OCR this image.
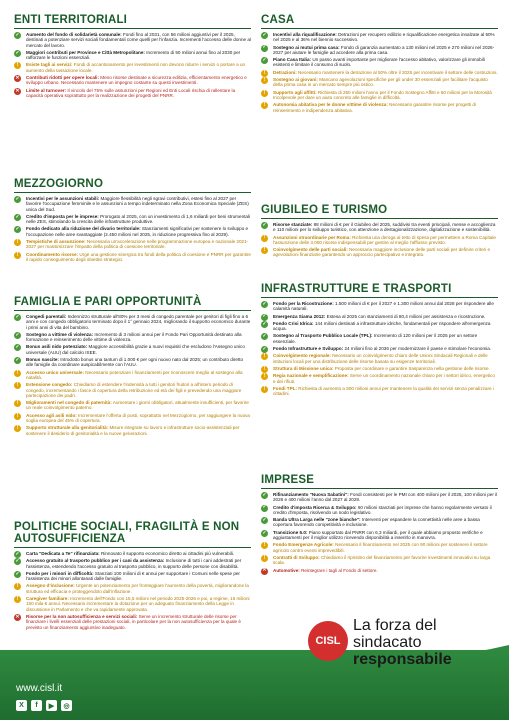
ENTI TERRITORIALI
✓	Aumento del fondo di solidarietà comunale: Fondi fino al 2031, con 56 milioni aggiuntivi per il 2025, destinati a potenziare servizi sociali fondamentali come quelli per l'infanzia. Incrementi l'accesso delle donne al mercato del lavoro.
✓	Maggiori contributi per Province e Città Metropolitane: Incremento di 50 milioni annui fino al 2030 per rafforzare le funzioni essenziali.
!	Esiste tagli ai servizi: Fondi di accantonamento per investimenti non devono ridurre i servizi o portare a un aumento della tassazione locale.
✕	Contributi ridotti per opere locali: Meno risorse destinate a sicurezza edilizia, efficientamento energetico e sviluppo urbano. Necessario mantenere un impegno costante su questi investimenti.
✕	Limite al turnover: Il vincolo del 75% sulle assunzioni per Regioni ed Enti Locali rischia di rallentare la capacità operativa soprattutto per la realizzazione dei progetti del PNRR.
MEZZOGIORNO
✓	Incentivi per le assunzioni stabili: Maggiore flessibilità negli sgravi contributivi, estesi fino al 2027 per favorire l'occupazione femminile e le assunzioni a tempo indeterminato nella Zona Economica Speciale (ZES) unica del Sud.
✓	Credito d'imposta per le imprese: Prorogato al 2025, con un investimento di 1,6 miliardi per beni strumentali nelle ZES, stimolando la crescita delle infrastrutture produttive.
✓	Fondo dedicato alla riduzione del divario territoriale: Stanziamenti significativi per sostenere lo sviluppo e l'occupazione nelle aree svantaggiate (2.450 milioni nel 2025, in riduzione progressiva fino al 2029).
!	Tempistiche di assunzione: Necessaria un'accelerazione nelle programmazione europea e nazionale 2021-2027 per massimizzare l'impatto della politica di coesione territoriale.
!	Coordinamento risorse: Urge una gestione sinergica tra fondi della politica di coesione e PNRR per garantire il rapido conseguimento degli obiettivi strategici.
FAMIGLIA E PARI OPPORTUNITÀ
✓	Congedi parentali: Indennizzo strutturale all'80% per 3 mesi di congedo parentale per genitori di figli fino a 6 anni e con congedo obbligatorio terminato dopo il 1° gennaio 2024, migliorando il supporto economico durante i primi anni di vita del bambino.
✓	Sostegno a vittime di violenza: Incremento di 3 milioni annui per il Fondo Pari Opportunità destinato alla formazione e reinserimento delle vittime di violenza.
✓	Bonus asili nido potenziato: Maggiore accessibilità grazie a nuovi requisiti che escludono l'Assegno unico universale (AUU) dal calcolo ISEE.
✓	Bonus nascite: Introdotto bonus una tantum di 1.000 € per ogni nuovo nato dal 2025; un contributo diretto alle famiglie da coordinare auspicabilmente con l'AUU.
!	Accesso unico universale: Necessario potenziare i finanziamenti per riconoscere meglio al sostegno alla natalità.
!	Estensione congedo: Chiediamo di estendere l'indennità a tutti i genitori fruitori a all'intero periodo di congedo, incrementando i fasce di copertura della retribuzione ed età dei figli e prevedendo una maggiore partecipazione dei padri.
!	Miglioramenti nel congedo di paternità: Aumentare i giorni obbligatori, attualmente insufficienti, per favorire un reale coinvolgimento paterno.
!	Accesso agli asili nido: Incrementare l'offerta di posti, soprattutto nel Mezzogiorno, per raggiungere la nuova soglia europea del 45% di copertura.
!	Supporto strutturale alla genitorialità: Misure integrate su lavoro e infrastrutture socio-assistenziali per sostenere il desiderio di genitorialità e la nuove generazioni.
POLITICHE SOCIALI, FRAGILITÀ E NON AUTOSUFFICIENZA
✓	Carta "Dedicata a Te" rifinanziata: Rinnovato il supporto economico diretto ai cittadini più vulnerabili.
✓	Accesso gratuito al trasporto pubblico per i cani da assistenza: Inclusione di tutti i cani addestrati per l'assistenza, estendendo l'accesso gratuito al trasporto pubblico, in supporto delle persone con disabilità.
✓	Fondo per i minori in difficoltà: Stanziati 100 milioni di € annui per supportare i Comuni nelle spese per l'assistenza dei minori allontanati dalle famiglie.
!	Assegno d'inclusione: Urgente un potenziamento per fronteggiare l'aumento della povertà, migliorandone la struttura ed efficacia e proteggendolo dall'inflazione.
!	Caregiver familiare: Incremento dell'Fondo con 15,5 milioni nel periodo 2025-2026 e poi, a regime, 16 milioni 150 mila € annui. Necessario incrementare la dotazione per un adeguato finanziamento della Legge in discussione in Parlamento e che va rapidamente approvata.
✕	Risorse per la non autosufficienza e servizi sociali: Serve un incremento strutturale delle risorse per finanziare i livelli essenziali delle prestazioni sociali, in particolare per la non autosufficienza per la quale è previsto un finanziamento aggiuntivo inadeguato.
CASA
✓	Incentivi alla riqualificazione: Detrazioni per recupero edilizio e riqualificazione energetica innalzate al 50% nel 2025 e al 36% nel biennio successivo.
✓	Sostegno ai mutui prima casa: Fondo di garanzia aumentato a 130 milioni nel 2025 e 270 milioni nel 2026-2027 per aiutare le famiglie ad accedere alla prima casa.
✓	Piano Casa Italia: Un passo avanti importante per migliorare l'accesso abitativo, valorizzare gli immobili esistenti e limitare il consumo di suolo.
!	Detrazioni: Necessario mantenere la detrazione al 50% oltre il 2025 per incentivare il settore delle costruzioni.
!	Sostegno ai giovani: Mancano agevolazioni specifiche per gli under 30 essenziali per facilitare l'acquisto della prima casa in un mercato sempre più ostico.
!	Supporto agli affitti: Richiesta di 250 milioni l'anno per il Fondo Sostegno Affitti e 50 milioni per la Morosità Incolpevole per dare un aiuto concreto alle famiglie in difficoltà.
!	Autonomia abitativa per le donne vittime di violenza: Necessario garantire risorse per progetti di reinserimento e indipendenza abitativa.
GIUBILEO E TURISMO
✓	Risorse stanziate: 88 milioni di € per il Giubileo del 2025, suddivisi tra eventi principali, mense e accoglienza e 110 milioni per lo sviluppo turistico, con attenzione a destagionalizzazione, digitalizzazione e sostenibilità.
!	Assunzioni straordinarie per Roma: Richiesta una deroga al tetto di spesa per permettere a Roma Capitale l'assunzione delle 3.000 risorse indispensabili per gestire al meglio l'afflusso previsto.
!	Coinvolgimento delle parti sociali: Necessaria maggiore inclusione delle parti sociali per definire criteri e agevolazioni finanziarie garantendo un approccio partecipativo e integrato.
INFRASTRUTTURE E TRASPORTI
✓	Fondo per la Ricostruzione: 1.500 milioni di € per il 2027 e 1.300 milioni annui dal 2028 per rispondere alle calamità naturali.
✓	Emergenza Siama 2012: Estesa al 2025 con stanziamenti di 80,4 milioni per assistenza e ricostruzione.
✓	Fondo Crisi Idrica: 144 milioni destinati a infrastrutture idriche, fondamentali per rispondere all'emergenza acqua.
✓	Sostegno al Trasporto Pubblico Locale (TPL): Incremento di 120 milioni per il 2025 per un settore essenziale.
✓	Fondo Infrastrutture e Sviluppo: 24 milioni fino al 2036 per modernizzare il paese e stimolare l'economia.
!	Coinvolgimento regionale: Necessario un coinvolgimento chiaro delle Unioni Sindacali Regionali e delle istituzioni locali per una distribuzione delle risorse basata su esigenze territoriali.
!	Struttura di Missione unica: Proposta per coordinare e garantire trasparenza nella gestione delle risorse.
!	Regia nazionale e semplificazione: Serve un coordinamento nazionale chiaro per i settori idrico, energetico e dei rifiuti.
!	Fondi TPL: Richiesta di aumento a 800 milioni annui per mantenere la qualità dei servizi senza penalizzare i cittadini.
IMPRESE
✓	Rifinanziamento "Nuova Sabatini": Fondi consistenti per le PMI con 400 milioni per il 2025, 100 milioni per il 2026 e 400 milioni l'anno dal 2027 al 2029.
✓	Credito d'imposta Ricerca & Sviluppo: 60 milioni stanziati per imprese che hanno regolarmente versato il credito d'imposta, risolvendo un nodo legislativo.
✓	Banda Ultra Larga nelle "zone bianche": Interventi per espandere la connettività nelle aree a bassa copertura favorendo competitività e inclusione.
✓	Transizione 5.0: Piano supportato dal PNRR con 6,3 miliardi, per il quale abbiamo proposto verifiche e aggiustamenti per il miglior utilizzo ricevendo disponibilità a inserirlo in manovra.
!	Fondo Emergenze Agricole: Necessario il finanziamento nel 2025 con 90 milioni per sostenere il settore agricolo contro eventi imprevedibili.
!	Contratti di Sviluppo: Chiediamo il ripristino del finanziamento per favorire investimenti innovativi su larga scala.
✕	Automotive: Reintegrare i tagli al Fondo di settore.
www.cisl.it
X	f	▶	◎
CISL
La forza del sindacato
responsabile
